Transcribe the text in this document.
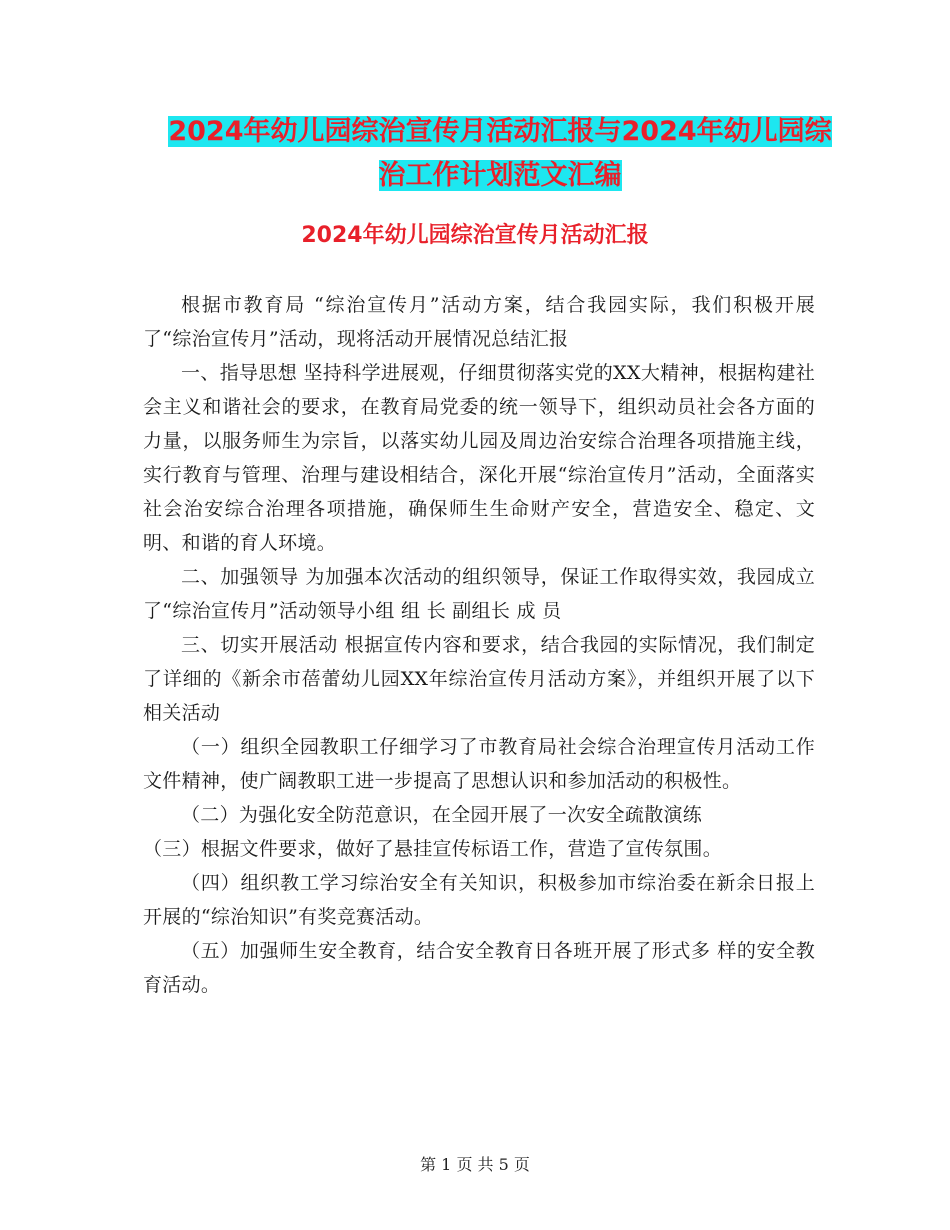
2024年幼儿园综治宣传月活动汇报与2024年幼儿园综
治工作计划范文汇编
2024年幼儿园综治宣传月活动汇报

根据市教育局 “综治宣传月”活动方案，结合我园实际，我们积极开展了“综治宣传月”活动，现将活动开展情况总结汇报

一、指导思想 坚持科学进展观，仔细贯彻落实党的XX大精神，根据构建社会主义和谐社会的要求，在教育局党委的统一领导下，组织动员社会各方面的力量，以服务师生为宗旨，以落实幼儿园及周边治安综合治理各项措施主线，实行教育与管理、治理与建设相结合，深化开展“综治宣传月”活动，全面落实社会治安综合治理各项措施，确保师生生命财产安全，营造安全、稳定、文明、和谐的育人环境。

二、加强领导 为加强本次活动的组织领导，保证工作取得实效，我园成立了“综治宣传月”活动领导小组 组 长 副组长 成 员

三、切实开展活动 根据宣传内容和要求，结合我园的实际情况，我们制定了详细的《新余市蓓蕾幼儿园XX年综治宣传月活动方案》，并组织开展了以下相关活动

（一）组织全园教职工仔细学习了市教育局社会综合治理宣传月活动工作文件精神，使广阔教职工进一步提高了思想认识和参加活动的积极性。

（二）为强化安全防范意识，在全园开展了一次安全疏散演练

（三）根据文件要求，做好了悬挂宣传标语工作，营造了宣传氛围。

（四）组织教工学习综治安全有关知识，积极参加市综治委在新余日报上开展的“综治知识”有奖竞赛活动。

（五）加强师生安全教育，结合安全教育日各班开展了形式多 样的安全教育活动。

第 1 页 共 5 页
